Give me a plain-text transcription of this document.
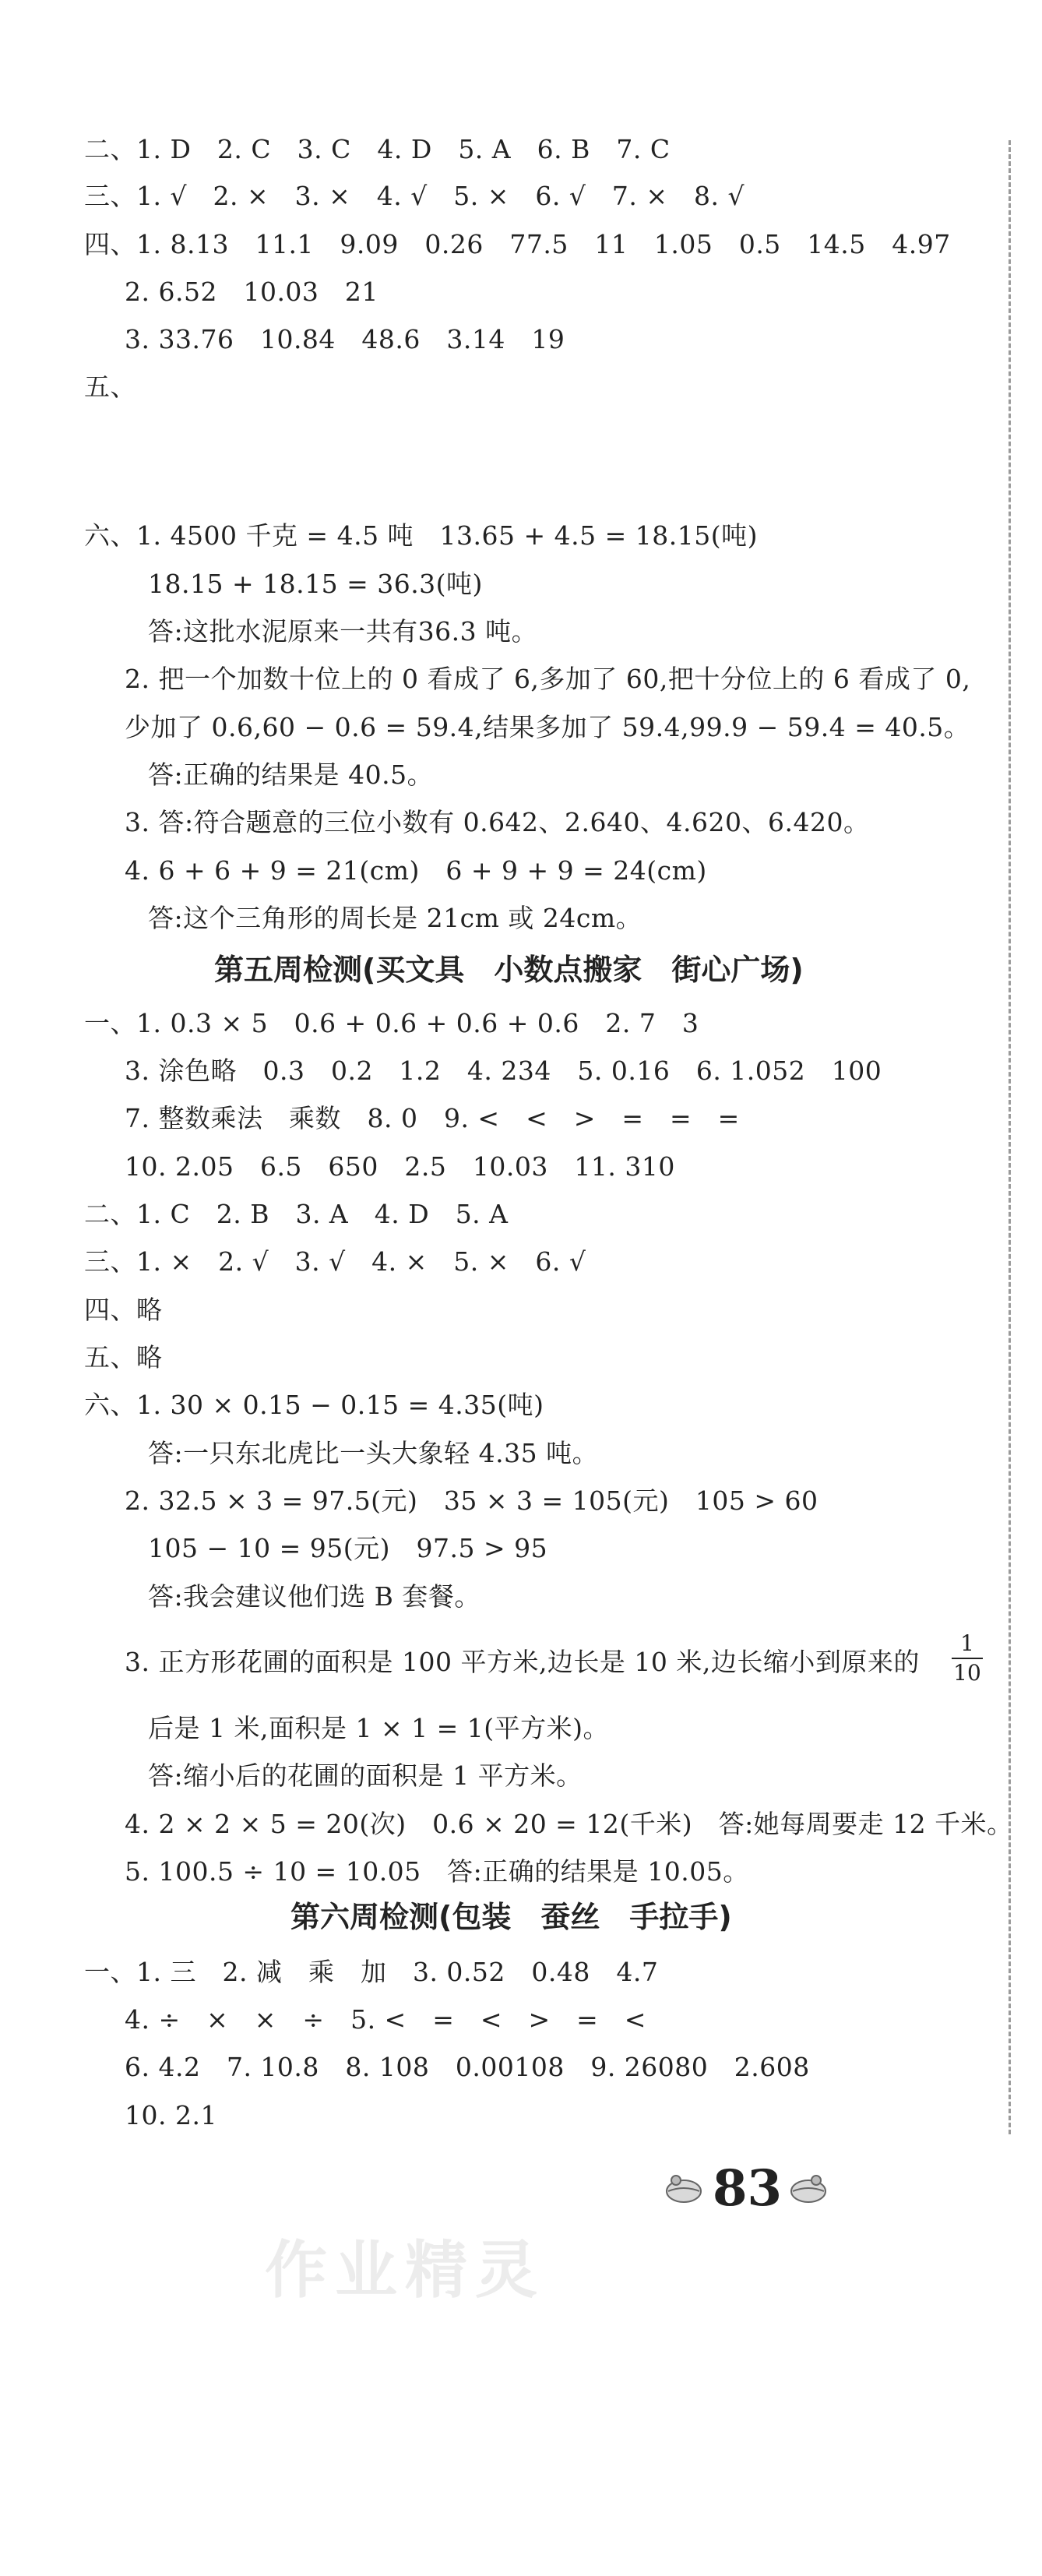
二、1. D　2. C　3. C　4. D　5. A　6. B　7. C
三、1. √　2. ×　3. ×　4. √　5. ×　6. √　7. ×　8. √
四、1. 8.13　11.1　9.09　0.26　77.5　11　1.05　0.5　14.5　4.97
2. 6.52　10.03　21
3. 33.76　10.84　48.6　3.14　19
五、
六、1. 4500 千克 = 4.5 吨　13.65 + 4.5 = 18.15(吨)
18.15 + 18.15 = 36.3(吨)
答:这批水泥原来一共有36.3 吨。
2. 把一个加数十位上的 0 看成了 6,多加了 60,把十分位上的 6 看成了 0,
少加了 0.6,60 − 0.6 = 59.4,结果多加了 59.4,99.9 − 59.4 = 40.5。
答:正确的结果是 40.5。
3. 答:符合题意的三位小数有 0.642、2.640、4.620、6.420。
4. 6 + 6 + 9 = 21(cm)　6 + 9 + 9 = 24(cm)
答:这个三角形的周长是 21cm 或 24cm。
第五周检测(买文具　小数点搬家　街心广场)
一、1. 0.3 × 5　0.6 + 0.6 + 0.6 + 0.6　2. 7　3
3. 涂色略　0.3　0.2　1.2　4. 234　5. 0.16　6. 1.052　100
7. 整数乘法　乘数　8. 0　9. <　<　>　=　=　=
10. 2.05　6.5　650　2.5　10.03　11. 310
二、1. C　2. B　3. A　4. D　5. A
三、1. ×　2. √　3. √　4. ×　5. ×　6. √
四、略
五、略
六、1. 30 × 0.15 − 0.15 = 4.35(吨)
答:一只东北虎比一头大象轻 4.35 吨。
2. 32.5 × 3 = 97.5(元)　35 × 3 = 105(元)　105 > 60
105 − 10 = 95(元)　97.5 > 95
答:我会建议他们选 B 套餐。
3. 正方形花圃的面积是 100 平方米,边长是 10 米,边长缩小到原来的
1
10
后是 1 米,面积是 1 × 1 = 1(平方米)。
答:缩小后的花圃的面积是 1 平方米。
4. 2 × 2 × 5 = 20(次)　0.6 × 20 = 12(千米)　答:她每周要走 12 千米。
5. 100.5 ÷ 10 = 10.05　答:正确的结果是 10.05。
第六周检测(包装　蚕丝　手拉手)
一、1. 三　2. 减　乘　加　3. 0.52　0.48　4.7
4. ÷　×　×　÷　5. <　=　<　>　=　<
6. 4.2　7. 10.8　8. 108　0.00108　9. 26080　2.608
10. 2.1
83
作业精灵
